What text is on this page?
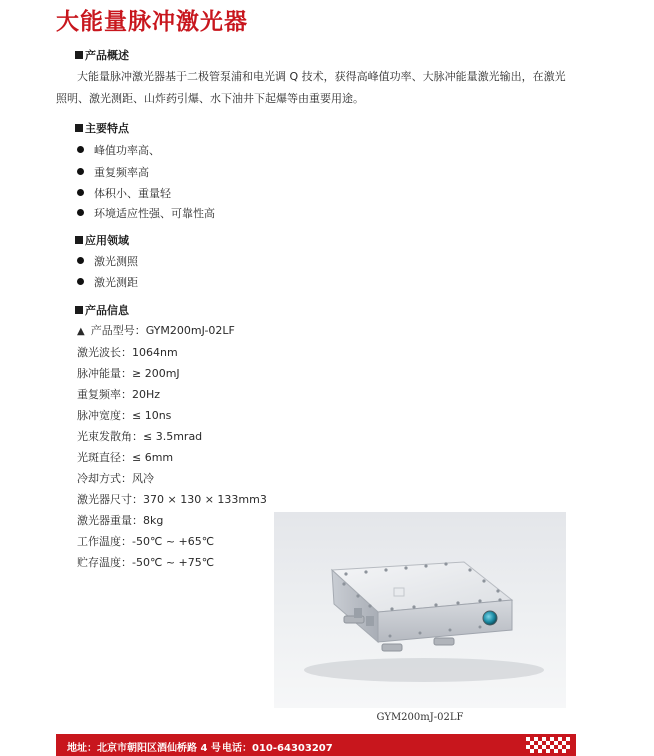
大能量脉冲激光器
产品概述

大能量脉冲激光器基于二极管泵浦和电光调 Q 技术，获得高峰值功率、大脉冲能量激光输出，在激光照明、激光测距、山炸药引爆、水下油井下起爆等由重要用途。

主要特点
峰值功率高、
重复频率高
体积小、重量轻
环境适应性强、可靠性高
应用领域
激光测照
激光测距
产品信息
▲ 产品型号：GYM200mJ-02LF
激光波长：1064nm
脉冲能量：≥ 200mJ
重复频率：20Hz
脉冲宽度：≤ 10ns
光束发散角：≤ 3.5mrad
光斑直径：≤ 6mm
冷却方式：风冷
激光器尺寸：370 × 130 × 133mm3
激光器重量：8kg
工作温度：-50℃ ~ +65℃
贮存温度：-50℃ ~ +75℃
GYM200mJ-02LF
地址：北京市朝阳区酒仙桥路 4 号 电话：010-64303207
